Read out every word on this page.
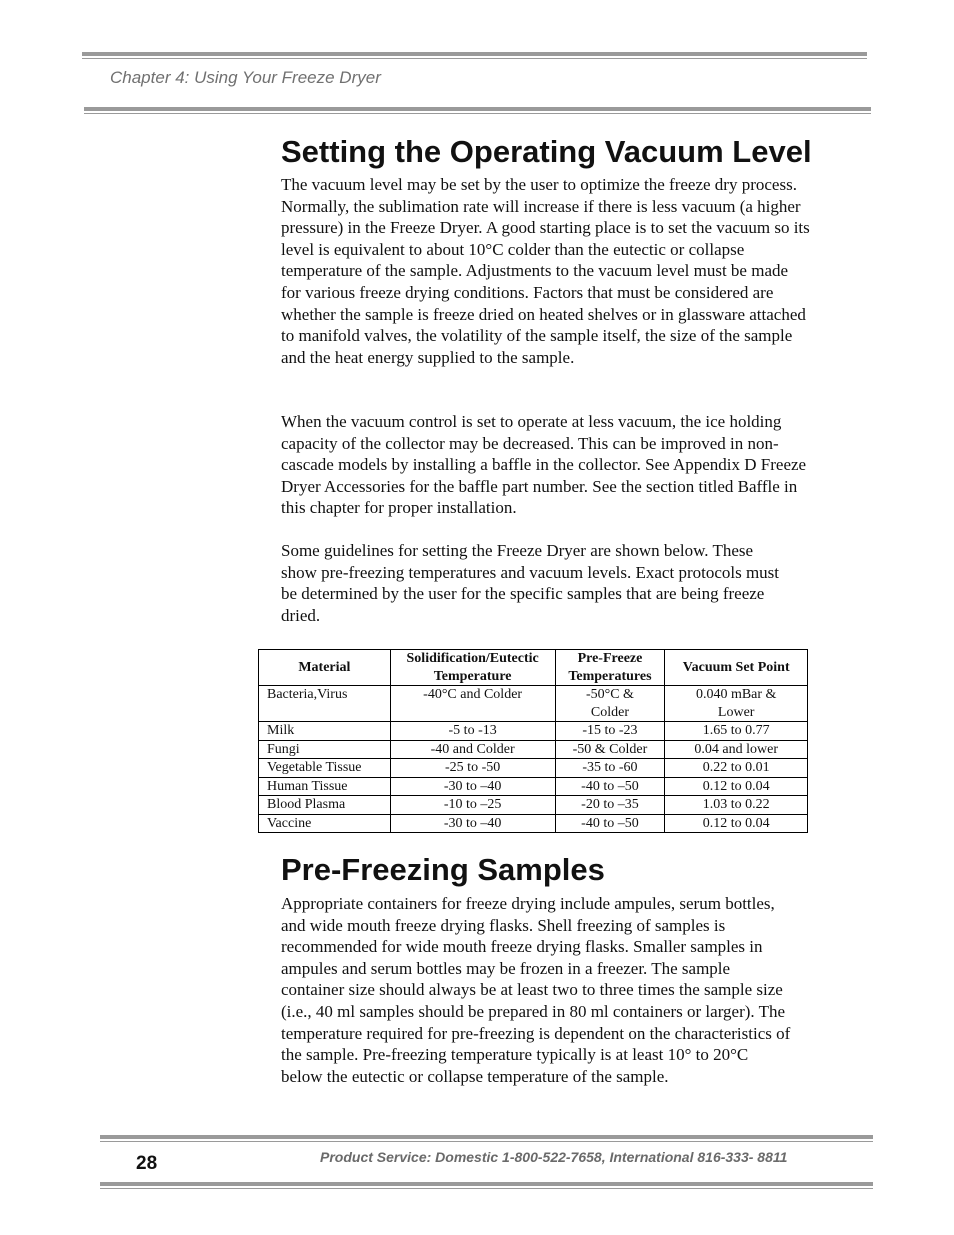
Chapter 4: Using Your Freeze Dryer
Setting the Operating Vacuum Level

The vacuum level may be set by the user to optimize the freeze dry process. Normally, the sublimation rate will increase if there is less vacuum (a higher pressure) in the Freeze Dryer. A good starting place is to set the vacuum so its level is equivalent to about 10°C colder than the eutectic or collapse temperature of the sample. Adjustments to the vacuum level must be made for various freeze drying conditions. Factors that must be considered are whether the sample is freeze dried on heated shelves or in glassware attached to manifold valves, the volatility of the sample itself, the size of the sample and the heat energy supplied to the sample.

When the vacuum control is set to operate at less vacuum, the ice holding capacity of the collector may be decreased. This can be improved in non-cascade models by installing a baffle in the collector. See Appendix D Freeze Dryer Accessories for the baffle part number. See the section titled Baffle in this chapter for proper installation.

Some guidelines for setting the Freeze Dryer are shown below. These show pre-freezing temperatures and vacuum levels. Exact protocols must be determined by the user for the specific samples that are being freeze dried.

Material	Solidification/Eutectic Temperature	Pre-Freeze Temperatures	Vacuum Set Point
Bacteria,Virus	-40°C and Colder	-50°C & Colder	0.040 mBar & Lower
Milk	-5 to -13	-15 to -23	1.65 to 0.77
Fungi	-40 and Colder	-50 & Colder	0.04 and lower
Vegetable Tissue	-25 to -50	-35 to -60	0.22 to 0.01
Human Tissue	-30 to –40	-40 to –50	0.12 to 0.04
Blood Plasma	-10 to –25	-20 to –35	1.03 to 0.22
Vaccine	-30 to –40	-40 to –50	0.12 to 0.04
Pre-Freezing Samples

Appropriate containers for freeze drying include ampules, serum bottles, and wide mouth freeze drying flasks. Shell freezing of samples is recommended for wide mouth freeze drying flasks. Smaller samples in ampules and serum bottles may be frozen in a freezer. The sample container size should always be at least two to three times the sample size (i.e., 40 ml samples should be prepared in 80 ml containers or larger). The temperature required for pre-freezing is dependent on the characteristics of the sample. Pre-freezing temperature typically is at least 10° to 20°C below the eutectic or collapse temperature of the sample.

28	Product Service: Domestic 1-800-522-7658, International 816-333- 8811
